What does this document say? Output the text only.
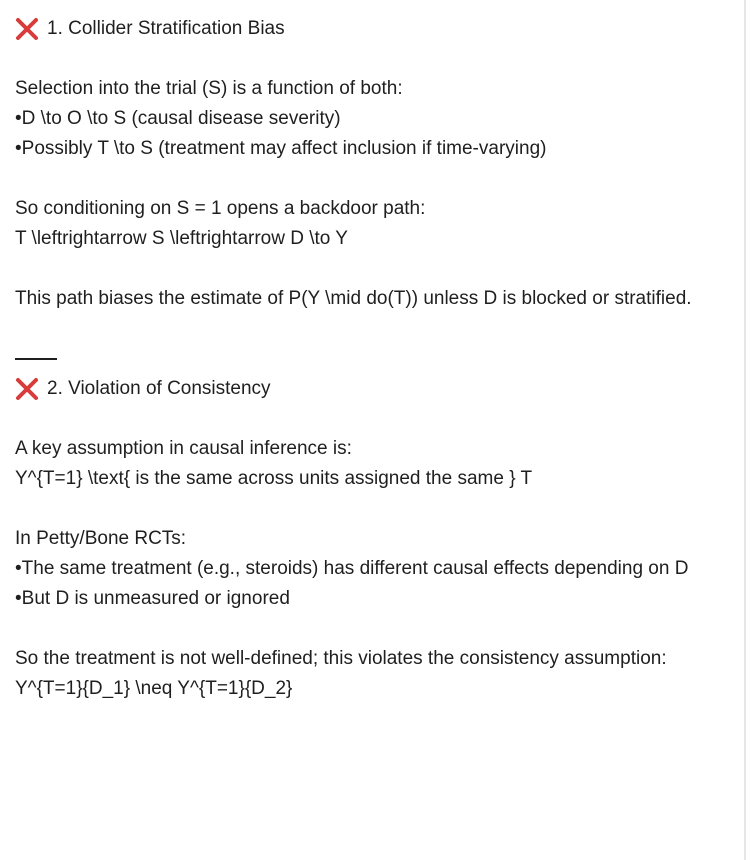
1. Collider Stratification Bias
Selection into the trial (S) is a function of both:
•D \to O \to S (causal disease severity)
•Possibly T \to S (treatment may affect inclusion if time-varying)
So conditioning on S = 1 opens a backdoor path:
T \leftrightarrow S \leftrightarrow D \to Y
This path biases the estimate of P(Y \mid do(T)) unless D is blocked or stratified.
2. Violation of Consistency
A key assumption in causal inference is:
Y^{T=1} \text{ is the same across units assigned the same } T
In Petty/Bone RCTs:
•The same treatment (e.g., steroids) has different causal effects depending on D
•But D is unmeasured or ignored
So the treatment is not well-defined; this violates the consistency assumption:
Y^{T=1}{D_1} \neq Y^{T=1}{D_2}
